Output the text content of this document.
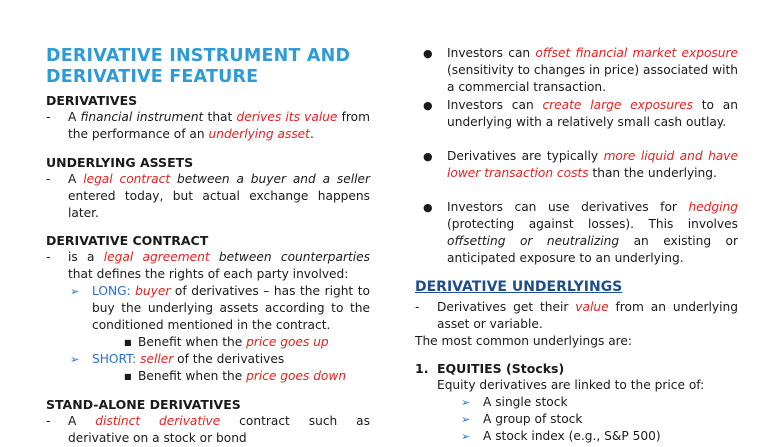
DERIVATIVE INSTRUMENT AND
DERIVATIVE FEATURE
DERIVATIVES
-	A financial instrument that derives its value from the performance of an underlying asset.
UNDERLYING ASSETS
-	A legal contract between a buyer and a seller entered today, but actual exchange happens later.
DERIVATIVE CONTRACT
-	is a legal agreement between counterparties that defines the rights of each party involved:
➢ LONG: buyer of derivatives – has the right to buy the underlying assets according to the conditioned mentioned in the contract.
■ Benefit when the price goes up
➢ SHORT: seller of the derivatives
■ Benefit when the price goes down
STAND-ALONE DERIVATIVES
-	A distinct derivative contract such as
derivative on a stock or bond
● Investors can offset financial market exposure (sensitivity to changes in price) associated with a commercial transaction.
● Investors can create large exposures to an underlying with a relatively small cash outlay.
● Derivatives are typically more liquid and have lower transaction costs than the underlying.
● Investors can use derivatives for hedging (protecting against losses). This involves offsetting or neutralizing an existing or anticipated exposure to an underlying.
DERIVATIVE UNDERLYINGS
-	Derivatives get their value from an underlying asset or variable.
The most common underlyings are:
1. EQUITIES (Stocks)
Equity derivatives are linked to the price of:
➢ A single stock
➢ A group of stock
➢ A stock index (e.g., S&P 500)
